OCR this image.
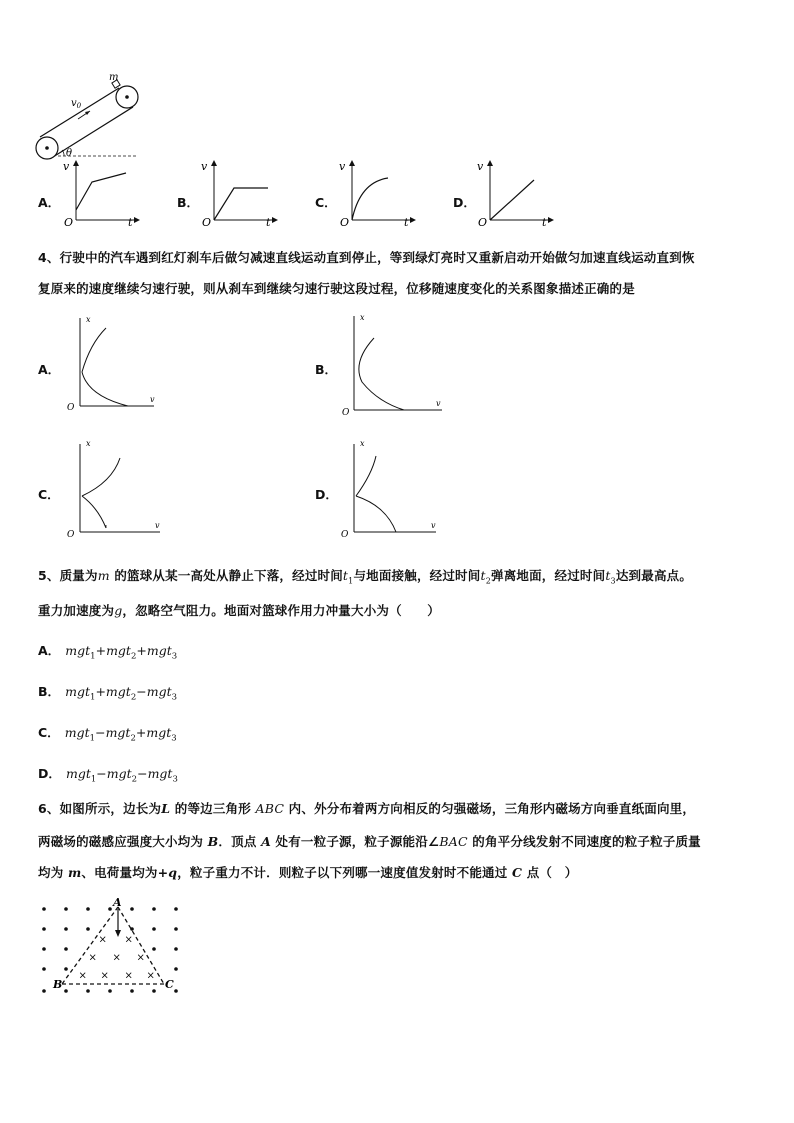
m
$v_0$
θ
A．
v
O	t
B．
v
O	t
C．
v
O	t
D．
v
O	t
4、行驶中的汽车遇到红灯刹车后做匀减速直线运动直到停止，等到绿灯亮时又重新启动开始做匀加速直线运动直到恢
复原来的速度继续匀速行驶，则从刹车到继续匀速行驶这段过程，位移随速度变化的关系图象描述正确的是
A．
x
O
v
B．
x
O
v
C．
x
O
v
D．
x
O
v
5、质量为m 的篮球从某一高处从静止下落，经过时间$t_1$与地面接触，经过时间$t_2$弹离地面，经过时间$t_3$达到最高点。
重力加速度为g，忽略空气阻力。地面对篮球作用力冲量大小为（　　）
A． mgt$_1$+mgt$_2$+mgt$_3$
B． mgt$_1$+mgt$_2$−mgt$_3$
C． mgt$_1$−mgt$_2$+mgt$_3$
D． mgt$_1$−mgt$_2$−mgt$_3$
6、如图所示，边长为L 的等边三角形 ABC 内、外分布着两方向相反的匀强磁场，三角形内磁场方向垂直纸面向里，
两磁场的磁感应强度大小均为 B．顶点 A 处有一粒子源，粒子源能沿∠BAC 的角平分线发射不同速度的粒子粒子质量
均为 m、电荷量均为+q，粒子重力不计．则粒子以下列哪一速度值发射时不能通过 C 点（　）
× ×
× × ×
× × × ×
A
B	C
